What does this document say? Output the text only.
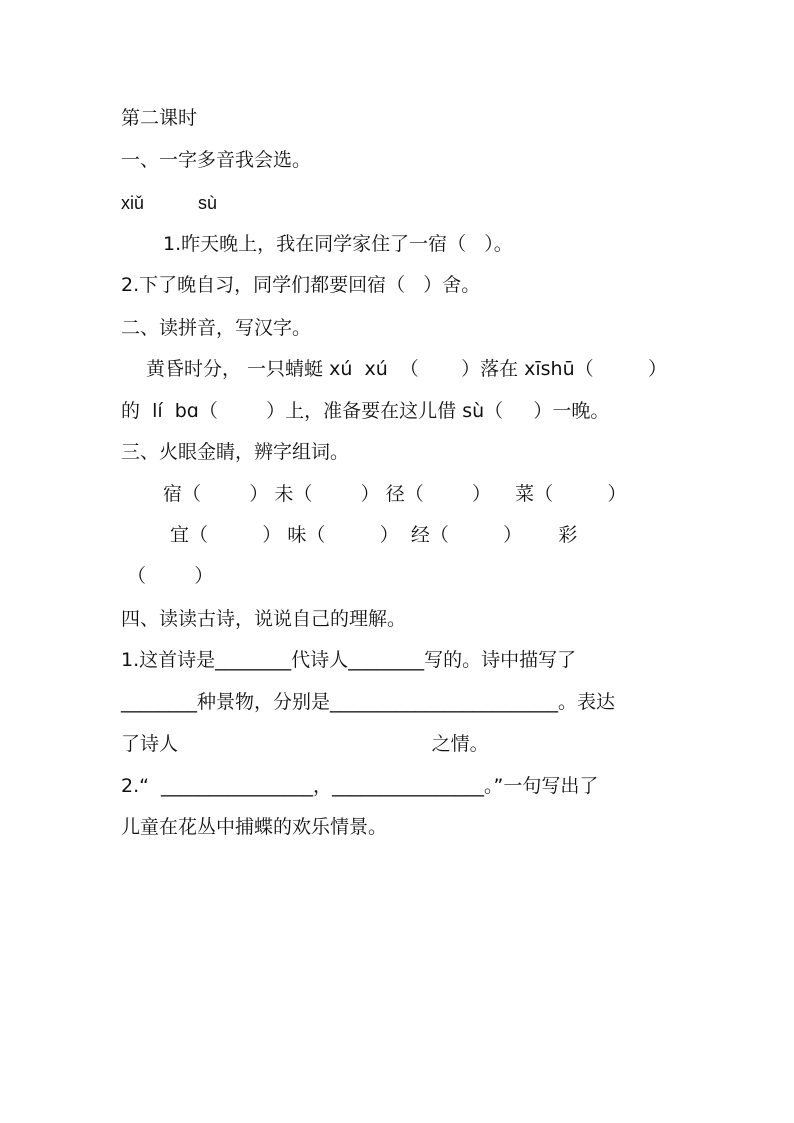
第二课时
一、一字多音我会选。
xiǔ	sù
1.昨天晚上，我在同学家住了一宿（   ）。
2.下了晚自习，同学们都要回宿（   ）舍。
二、读拼音，写汉字。
黄昏时分， 一只蜻蜓 xú  xú  （       ）落在 xīshū（         ）
的  lí  bɑ（        ）上，准备要在这儿借 sù（     ）一晚。
三、火眼金睛，辨字组词。
宿（        ） 未（        ） 径（        ）    菜（         ）
宜（         ） 味（         ）  经（         ）      彩
（        ）
四、读读古诗，说说自己的理解。
1.这首诗是________代诗人________写的。诗中描写了
________种景物，分别是________________________。表达
了诗人                                          之情。
2.“  ________________，________________。”一句写出了
儿童在花丛中捕蝶的欢乐情景。
